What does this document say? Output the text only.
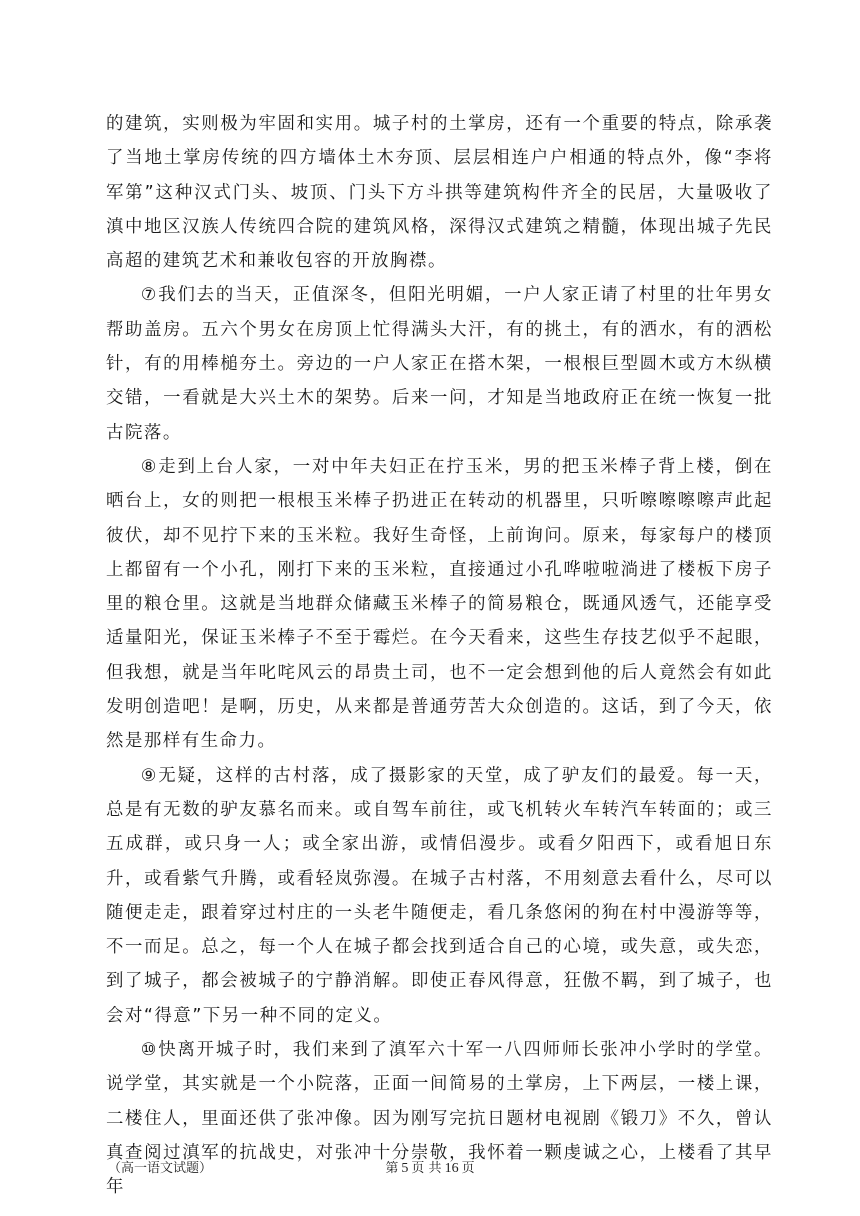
的建筑，实则极为牢固和实用。城子村的土掌房，还有一个重要的特点，除承袭了当地土掌房传统的四方墙体土木夯顶、层层相连户户相通的特点外，像“李将军第”这种汉式门头、坡顶、门头下方斗拱等建筑构件齐全的民居，大量吸收了滇中地区汉族人传统四合院的建筑风格，深得汉式建筑之精髓，体现出城子先民高超的建筑艺术和兼收包容的开放胸襟。

⑦我们去的当天，正值深冬，但阳光明媚，一户人家正请了村里的壮年男女帮助盖房。五六个男女在房顶上忙得满头大汗，有的挑土，有的洒水，有的洒松针，有的用棒槌夯土。旁边的一户人家正在搭木架，一根根巨型圆木或方木纵横交错，一看就是大兴土木的架势。后来一问，才知是当地政府正在统一恢复一批古院落。

⑧走到上台人家，一对中年夫妇正在拧玉米，男的把玉米棒子背上楼，倒在晒台上，女的则把一根根玉米棒子扔进正在转动的机器里，只听嚓嚓嚓嚓声此起彼伏，却不见拧下来的玉米粒。我好生奇怪，上前询问。原来，每家每户的楼顶上都留有一个小孔，刚打下来的玉米粒，直接通过小孔哗啦啦淌进了楼板下房子里的粮仓里。这就是当地群众储藏玉米棒子的简易粮仓，既通风透气，还能享受适量阳光，保证玉米棒子不至于霉烂。在今天看来，这些生存技艺似乎不起眼，但我想，就是当年叱咤风云的昂贵土司，也不一定会想到他的后人竟然会有如此发明创造吧！是啊，历史，从来都是普通劳苦大众创造的。这话，到了今天，依然是那样有生命力。

⑨无疑，这样的古村落，成了摄影家的天堂，成了驴友们的最爱。每一天，总是有无数的驴友慕名而来。或自驾车前往，或飞机转火车转汽车转面的；或三五成群，或只身一人；或全家出游，或情侣漫步。或看夕阳西下，或看旭日东升，或看紫气升腾，或看轻岚弥漫。在城子古村落，不用刻意去看什么，尽可以随便走走，跟着穿过村庄的一头老牛随便走，看几条悠闲的狗在村中漫游等等，不一而足。总之，每一个人在城子都会找到适合自己的心境，或失意，或失恋，到了城子，都会被城子的宁静消解。即使正春风得意，狂傲不羁，到了城子，也会对“得意”下另一种不同的定义。

⑩快离开城子时，我们来到了滇军六十军一八四师师长张冲小学时的学堂。说学堂，其实就是一个小院落，正面一间简易的土掌房，上下两层，一楼上课，二楼住人，里面还供了张冲像。因为刚写完抗日题材电视剧《锻刀》不久，曾认真查阅过滇军的抗战史，对张冲十分崇敬，我怀着一颗虔诚之心，上楼看了其早年

（高一语文试题）	第 5 页 共 16 页
